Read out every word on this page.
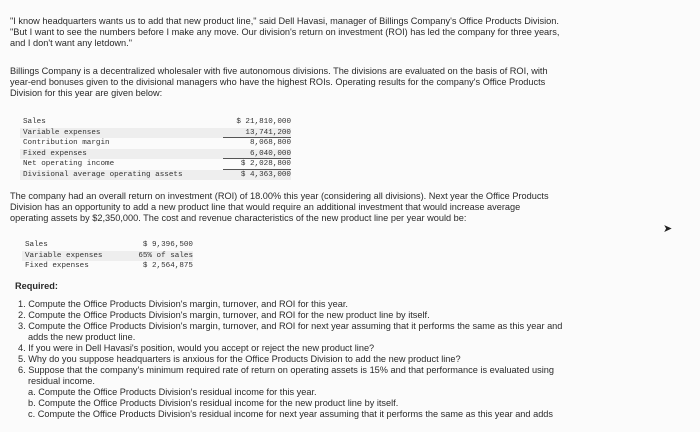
"I know headquarters wants us to add that new product line," said Dell Havasi, manager of Billings Company's Office Products Division.
"But I want to see the numbers before I make any move. Our division's return on investment (ROI) has led the company for three years,
and I don't want any letdown."
Billings Company is a decentralized wholesaler with five autonomous divisions. The divisions are evaluated on the basis of ROI, with
year-end bonuses given to the divisional managers who have the highest ROIs. Operating results for the company's Office Products
Division for this year are given below:
Sales	$ 21,810,000
Variable expenses	13,741,200
Contribution margin	8,068,800
Fixed expenses	6,040,000
Net operating income	$ 2,028,800
Divisional average operating assets	$ 4,363,000
The company had an overall return on investment (ROI) of 18.00% this year (considering all divisions). Next year the Office Products
Division has an opportunity to add a new product line that would require an additional investment that would increase average
operating assets by $2,350,000. The cost and revenue characteristics of the new product line per year would be:
Sales	$ 9,396,500
Variable expenses	65% of sales
Fixed expenses	$ 2,564,875
➤
Required:
1. Compute the Office Products Division's margin, turnover, and ROI for this year.
2. Compute the Office Products Division's margin, turnover, and ROI for the new product line by itself.
3. Compute the Office Products Division's margin, turnover, and ROI for next year assuming that it performs the same as this year and
adds the new product line.
4. If you were in Dell Havasi's position, would you accept or reject the new product line?
5. Why do you suppose headquarters is anxious for the Office Products Division to add the new product line?
6. Suppose that the company's minimum required rate of return on operating assets is 15% and that performance is evaluated using
residual income.
a. Compute the Office Products Division's residual income for this year.
b. Compute the Office Products Division's residual income for the new product line by itself.
c. Compute the Office Products Division's residual income for next year assuming that it performs the same as this year and adds
